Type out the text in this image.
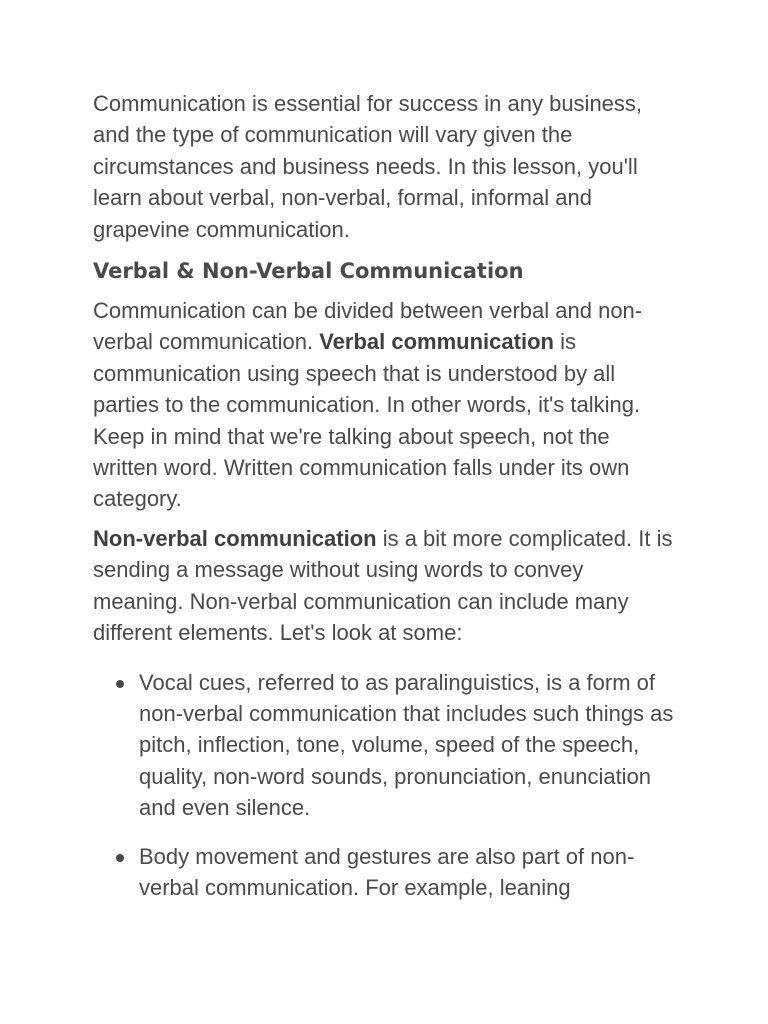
Communication is essential for success in any business, and the type of communication will vary given the circumstances and business needs. In this lesson, you'll learn about verbal, non-verbal, formal, informal and grapevine communication.

Verbal & Non-Verbal Communication

Communication can be divided between verbal and non-verbal communication. Verbal communication is communication using speech that is understood by all parties to the communication. In other words, it's talking. Keep in mind that we're talking about speech, not the written word. Written communication falls under its own category.

Non-verbal communication is a bit more complicated. It is sending a message without using words to convey meaning. Non-verbal communication can include many different elements. Let's look at some:

Vocal cues, referred to as paralinguistics, is a form of non-verbal communication that includes such things as pitch, inflection, tone, volume, speed of the speech, quality, non-word sounds, pronunciation, enunciation and even silence.
Body movement and gestures are also part of non-verbal communication. For example, leaning
